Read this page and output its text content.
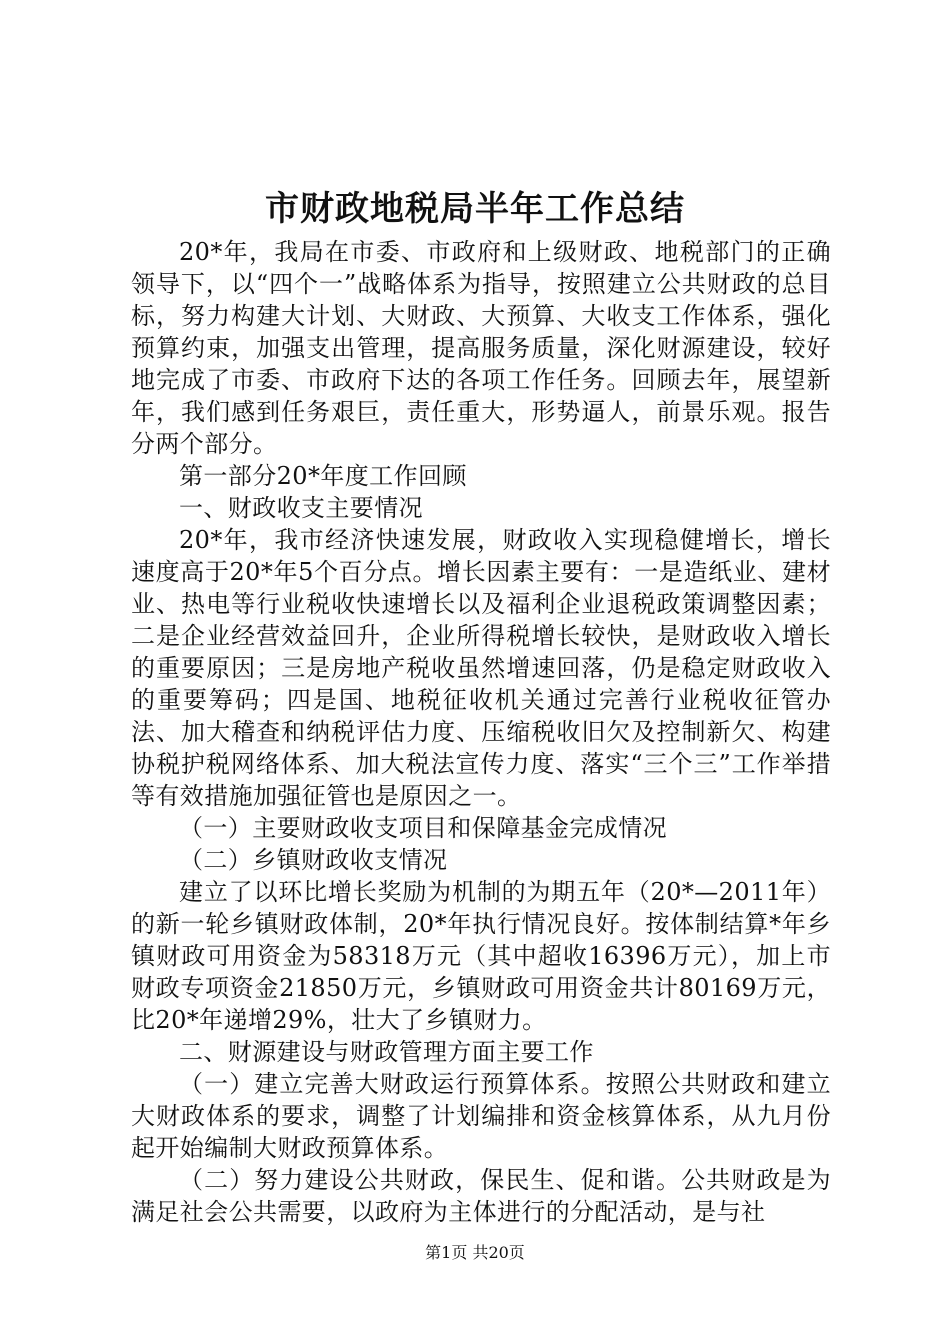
市财政地税局半年工作总结

20*年，我局在市委、市政府和上级财政、地税部门的正确领导下，以“四个一”战略体系为指导，按照建立公共财政的总目标，努力构建大计划、大财政、大预算、大收支工作体系，强化预算约束，加强支出管理，提高服务质量，深化财源建设，较好地完成了市委、市政府下达的各项工作任务。回顾去年，展望新年，我们感到任务艰巨，责任重大，形势逼人，前景乐观。报告分两个部分。

第一部分20*年度工作回顾

一、财政收支主要情况

20*年，我市经济快速发展，财政收入实现稳健增长，增长速度高于20*年5个百分点。增长因素主要有：一是造纸业、建材业、热电等行业税收快速增长以及福利企业退税政策调整因素；二是企业经营效益回升，企业所得税增长较快，是财政收入增长的重要原因；三是房地产税收虽然增速回落，仍是稳定财政收入的重要筹码；四是国、地税征收机关通过完善行业税收征管办法、加大稽查和纳税评估力度、压缩税收旧欠及控制新欠、构建协税护税网络体系、加大税法宣传力度、落实“三个三”工作举措等有效措施加强征管也是原因之一。

（一）主要财政收支项目和保障基金完成情况

（二）乡镇财政收支情况

建立了以环比增长奖励为机制的为期五年（20*—2011年）的新一轮乡镇财政体制，20*年执行情况良好。按体制结算*年乡镇财政可用资金为58318万元（其中超收16396万元），加上市财政专项资金21850万元，乡镇财政可用资金共计80169万元，比20*年递增29%，壮大了乡镇财力。

二、财源建设与财政管理方面主要工作

（一）建立完善大财政运行预算体系。按照公共财政和建立大财政体系的要求，调整了计划编排和资金核算体系，从九月份起开始编制大财政预算体系。

（二）努力建设公共财政，保民生、促和谐。公共财政是为满足社会公共需要，以政府为主体进行的分配活动，是与社

第1页 共20页
